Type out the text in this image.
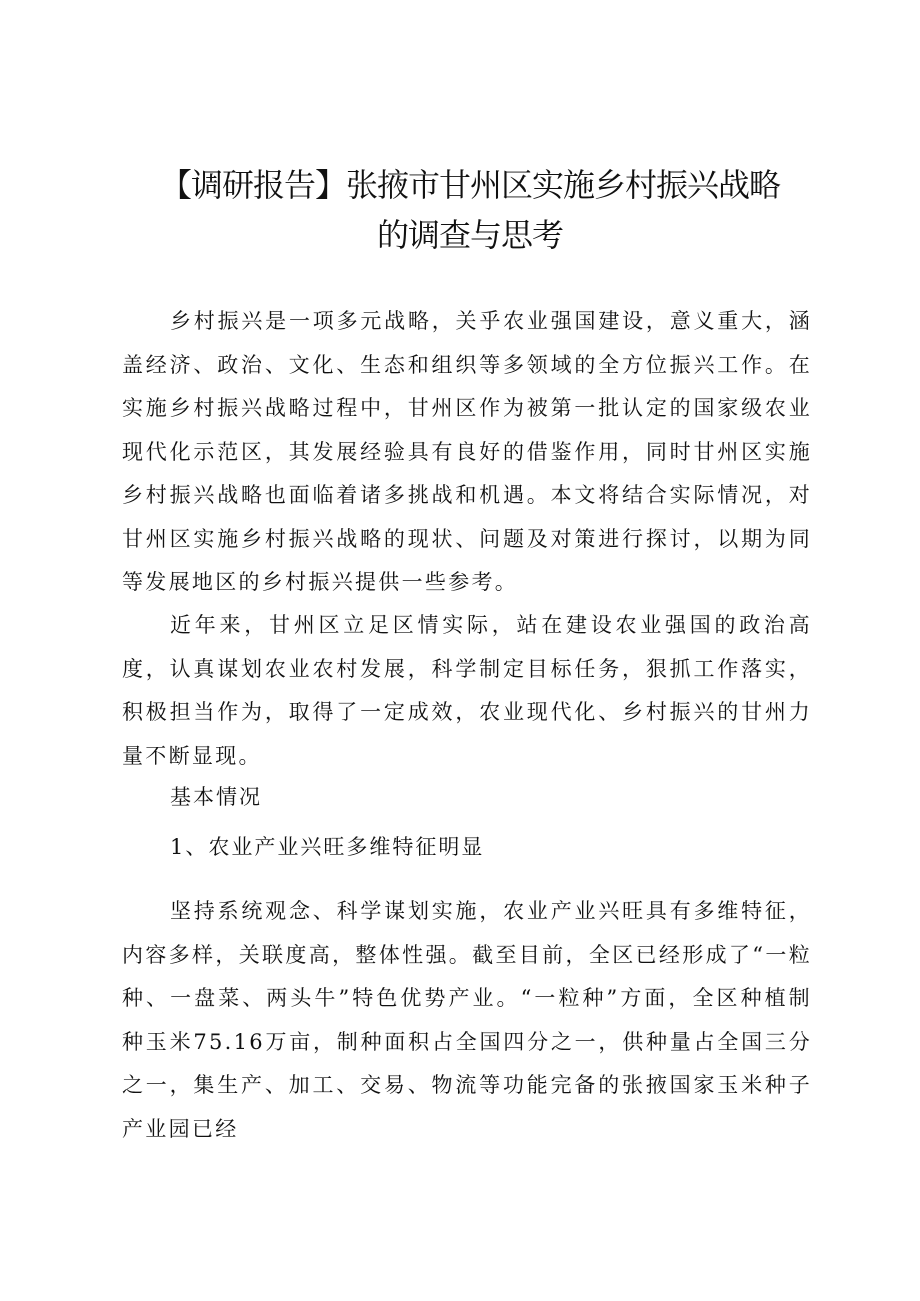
【调研报告】张掖市甘州区实施乡村振兴战略
的调查与思考

乡村振兴是一项多元战略，关乎农业强国建设，意义重大，涵盖经济、政治、文化、生态和组织等多领域的全方位振兴工作。在实施乡村振兴战略过程中，甘州区作为被第一批认定的国家级农业现代化示范区，其发展经验具有良好的借鉴作用，同时甘州区实施乡村振兴战略也面临着诸多挑战和机遇。本文将结合实际情况，对甘州区实施乡村振兴战略的现状、问题及对策进行探讨，以期为同等发展地区的乡村振兴提供一些参考。

近年来，甘州区立足区情实际，站在建设农业强国的政治高度，认真谋划农业农村发展，科学制定目标任务，狠抓工作落实，积极担当作为，取得了一定成效，农业现代化、乡村振兴的甘州力量不断显现。

基本情况
1、农业产业兴旺多维特征明显

坚持系统观念、科学谋划实施，农业产业兴旺具有多维特征，内容多样，关联度高，整体性强。截至目前，全区已经形成了“一粒种、一盘菜、两头牛”特色优势产业。“一粒种”方面，全区种植制种玉米75.16万亩，制种面积占全国四分之一，供种量占全国三分之一，集生产、加工、交易、物流等功能完备的张掖国家玉米种子产业园已经
